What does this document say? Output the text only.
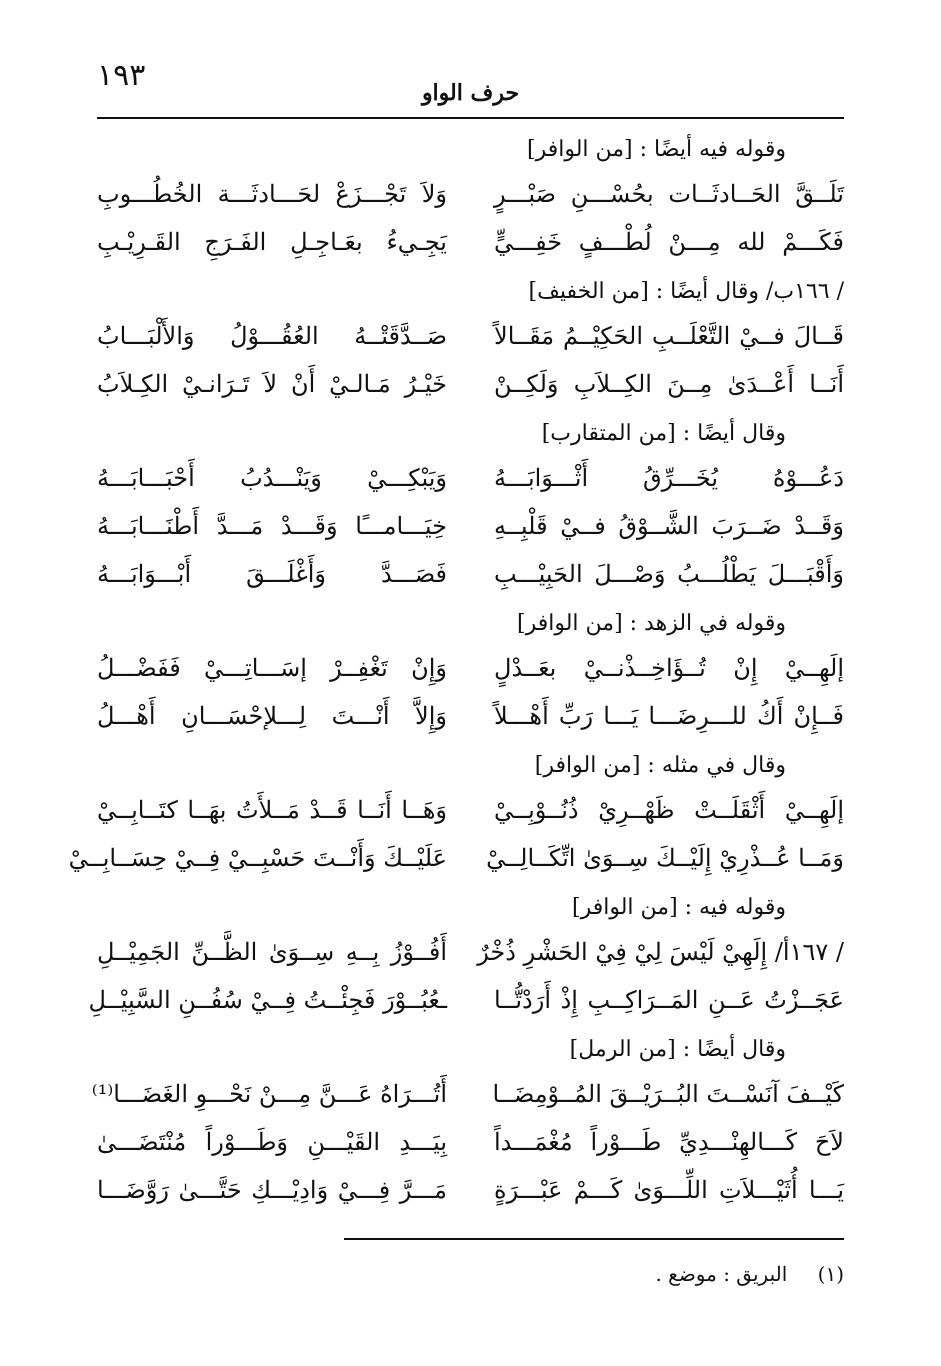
١٩٣	حرف الواو
وقوله فيه أيضًا : [من الوافر]
تَلَــقَّ الحَــادثَــات بحُسْـــنِ صَبْـــرٍ
وَلاَ تَجْـــزَعْ لحَـــادثَـــة الخُطُـــوبِ
فَكَـــمْ لله مِـــنْ لُطْـــفٍ خَفِـــيٍّ
يَجِـيءُ بعَـاجِـلِ الفَـرَجِ القَـرِيْـبِ
/ ١٦٦ب/ وقال أيضًا : [من الخفيف]
قَــالَ فــيْ التَّعْلَــبِ الحَكِيْــمُ مَقَــالاً
صَــدَّقَتْــهُ العُقُـــوْلُ وَالأَلْبَـــابُ
أَنَــا أَعْــدَىٰ مِــنَ الكِــلاَبِ وَلَكِــنْ
خَيْـرُ مَـالـيْ أَنْ لاَ تَـرَانـيْ الكِـلاَبُ
وقال أيضًا : [من المتقارب]
دَعُـــوْهُ يُخَـــرِّقُ أَثْـــوَابَـــهُ
وَيَبْكِـــيْ وَيَنْـــدُبُ أَحْبَـــابَـــهُ
وَقَــدْ ضَــرَبَ الشَّــوْقُ فــيْ قَلْبِــهِ
خِيَـــامـــًا وَقَـــدْ مَـــدَّ أَطْنَـــابَـــهُ
وَأَقْبَـــلَ يَطْلُـــبُ وَصْـــلَ الحَبِيْـــبِ
فَصَـــدَّ وَأَغْلَـــقَ أَبْـــوَابَـــهُ
وقوله في الزهد : [من الوافر]
إلَهِــيْ إِنْ تُــؤَاخِــذْنــيْ بعَــدْلٍ
وَإِنْ تَغْفِــرْ إسَـــاتِـــيْ فَفَضْـــلُ
فَــإِنْ أَكُ للـــرِضَـــا يَـــا رَبِّ أَهْـــلاً
وَإِلاَّ أَنْـــتَ لِـــلإحْسَـــانِ أَهْـــلُ
وقال في مثله : [من الوافر]
إلَهِــيْ أَثْقَلَــتْ ظَهْــرِيْ ذُنُــوْبِــيْ
وَهَــا أَنَــا قَــدْ مَــلأَتُ بهَــا كتَــابِــيْ
وَمَــا عُــذْرِيْ إِلَيْــكَ سِــوَىٰ اتِّكَــالِــيْ
عَلَيْــكَ وَأَنْــتَ حَسْبِــيْ فِــيْ حِسَــابِــيْ
وقوله فيه : [من الوافر]
/ ١٦٧أ/ إِلَهِيْ لَيْسَ لِيْ فِيْ الحَشْرِ ذُخْرٌ
أَفُــوْزُ بِــهِ سِــوَىٰ الظَّــنِّ الجَمِيْــلِ
عَجَــزْتُ عَــنِ المَــرَاكِــبِ إِذْ أَرَدْتُّــا
ـعُبُــوْرَ فَجِئْــتُ فِــيْ سُفُــنِ السَّبِيْــلِ
وقال أيضًا : [من الرمل]
كَيْــفَ آنَسْــتَ البُــرَيْــقَ المُــوْمِضَــا
أَتُـــرَاهُ عَـــنَّ مِـــنْ نَحْـــوِ الغَضَـــا⁽¹⁾
لاَحَ كَـــالهِنْـــدِيِّ طَـــوْراً مُغْمَـــداً
بِيَـــدِ القَيْـــنِ وَطَـــوْراً مُنْتَضَـــىٰ
يَـــا أُثَيْـــلاَتِ اللِّـــوَىٰ كَـــمْ عَبْـــرَةٍ
مَـــرَّ فِـــيْ وَادِيْـــكِ حَتَّـــىٰ رَوَّضَـــا
(١) البريق : موضع .
